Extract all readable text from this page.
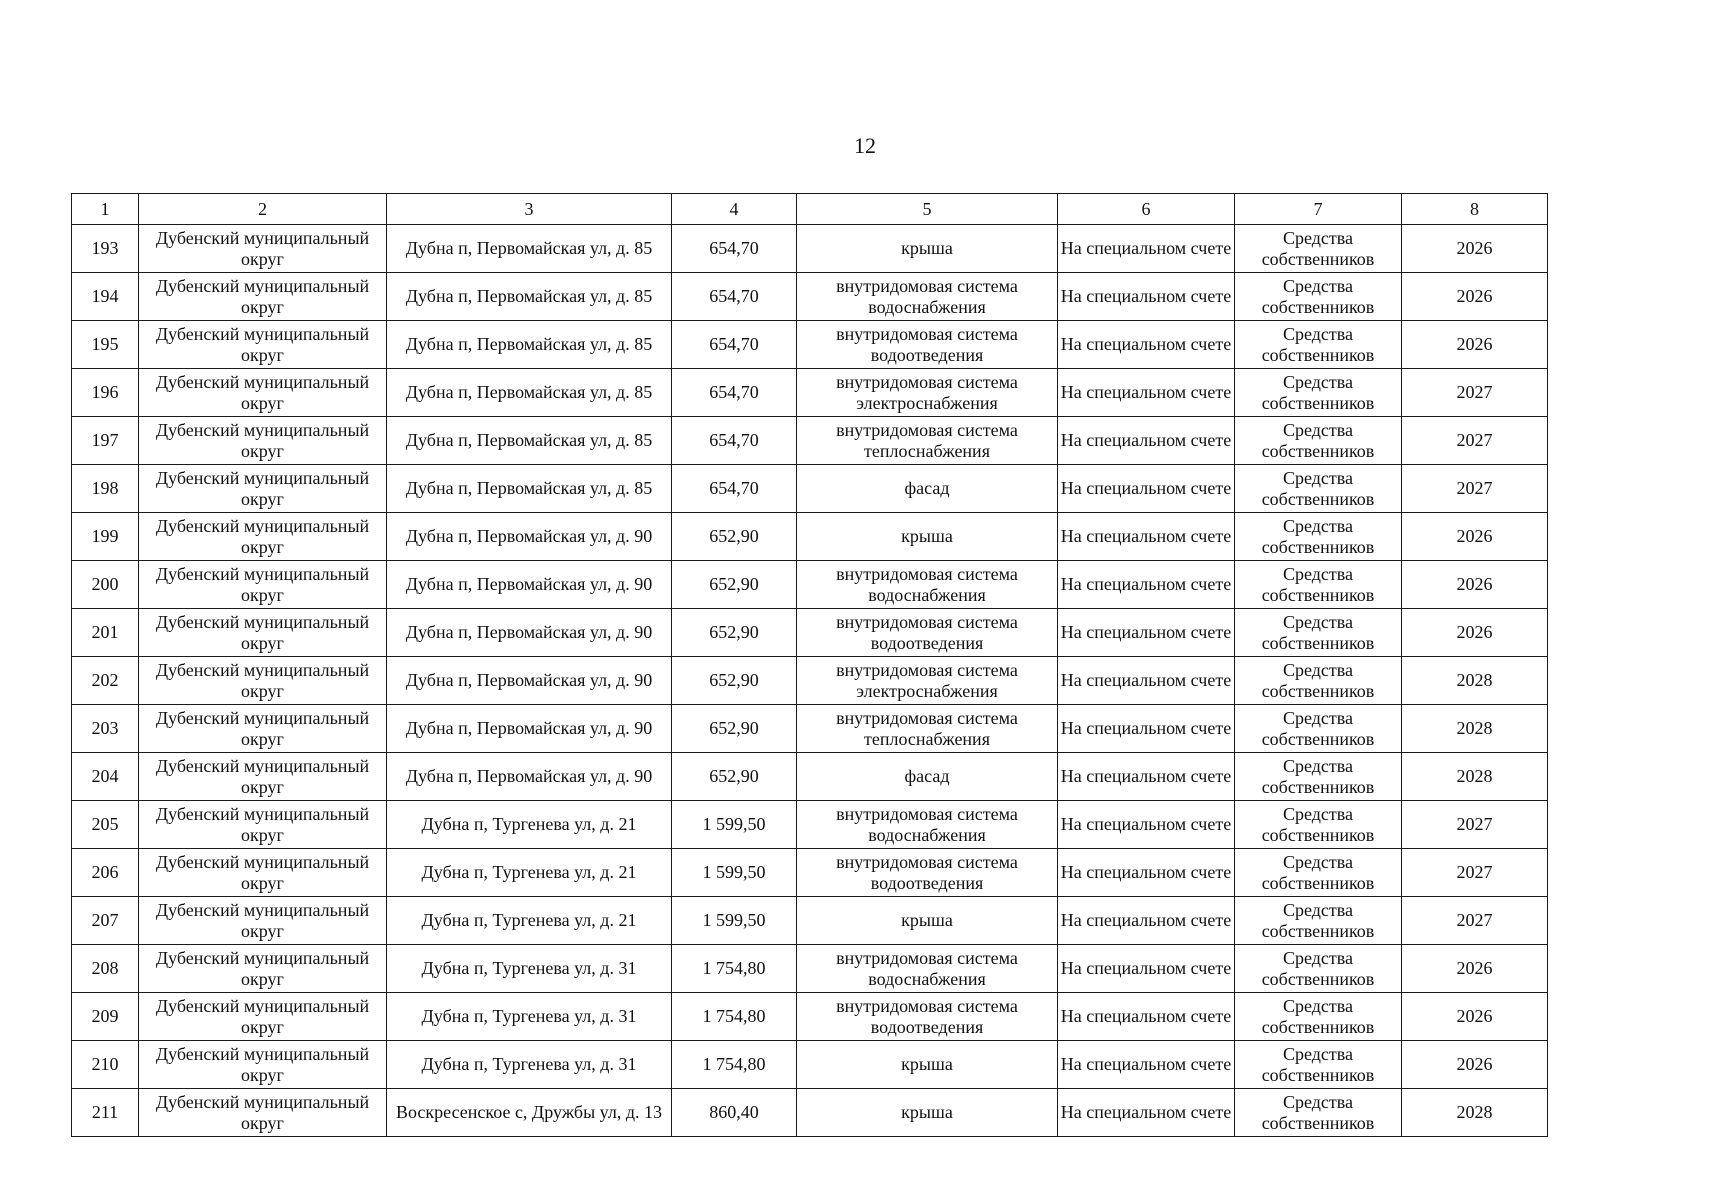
12
1	2	3	4	5	6	7	8
193	Дубенский муниципальный округ	Дубна п, Первомайская ул, д. 85	654,70	крыша	На специальном счете	Средства собственников	2026
194	Дубенский муниципальный округ	Дубна п, Первомайская ул, д. 85	654,70	внутридомовая система водоснабжения	На специальном счете	Средства собственников	2026
195	Дубенский муниципальный округ	Дубна п, Первомайская ул, д. 85	654,70	внутридомовая система водоотведения	На специальном счете	Средства собственников	2026
196	Дубенский муниципальный округ	Дубна п, Первомайская ул, д. 85	654,70	внутридомовая система электроснабжения	На специальном счете	Средства собственников	2027
197	Дубенский муниципальный округ	Дубна п, Первомайская ул, д. 85	654,70	внутридомовая система теплоснабжения	На специальном счете	Средства собственников	2027
198	Дубенский муниципальный округ	Дубна п, Первомайская ул, д. 85	654,70	фасад	На специальном счете	Средства собственников	2027
199	Дубенский муниципальный округ	Дубна п, Первомайская ул, д. 90	652,90	крыша	На специальном счете	Средства собственников	2026
200	Дубенский муниципальный округ	Дубна п, Первомайская ул, д. 90	652,90	внутридомовая система водоснабжения	На специальном счете	Средства собственников	2026
201	Дубенский муниципальный округ	Дубна п, Первомайская ул, д. 90	652,90	внутридомовая система водоотведения	На специальном счете	Средства собственников	2026
202	Дубенский муниципальный округ	Дубна п, Первомайская ул, д. 90	652,90	внутридомовая система электроснабжения	На специальном счете	Средства собственников	2028
203	Дубенский муниципальный округ	Дубна п, Первомайская ул, д. 90	652,90	внутридомовая система теплоснабжения	На специальном счете	Средства собственников	2028
204	Дубенский муниципальный округ	Дубна п, Первомайская ул, д. 90	652,90	фасад	На специальном счете	Средства собственников	2028
205	Дубенский муниципальный округ	Дубна п, Тургенева ул, д. 21	1 599,50	внутридомовая система водоснабжения	На специальном счете	Средства собственников	2027
206	Дубенский муниципальный округ	Дубна п, Тургенева ул, д. 21	1 599,50	внутридомовая система водоотведения	На специальном счете	Средства собственников	2027
207	Дубенский муниципальный округ	Дубна п, Тургенева ул, д. 21	1 599,50	крыша	На специальном счете	Средства собственников	2027
208	Дубенский муниципальный округ	Дубна п, Тургенева ул, д. 31	1 754,80	внутридомовая система водоснабжения	На специальном счете	Средства собственников	2026
209	Дубенский муниципальный округ	Дубна п, Тургенева ул, д. 31	1 754,80	внутридомовая система водоотведения	На специальном счете	Средства собственников	2026
210	Дубенский муниципальный округ	Дубна п, Тургенева ул, д. 31	1 754,80	крыша	На специальном счете	Средства собственников	2026
211	Дубенский муниципальный округ	Воскресенское с, Дружбы ул, д. 13	860,40	крыша	На специальном счете	Средства собственников	2028
